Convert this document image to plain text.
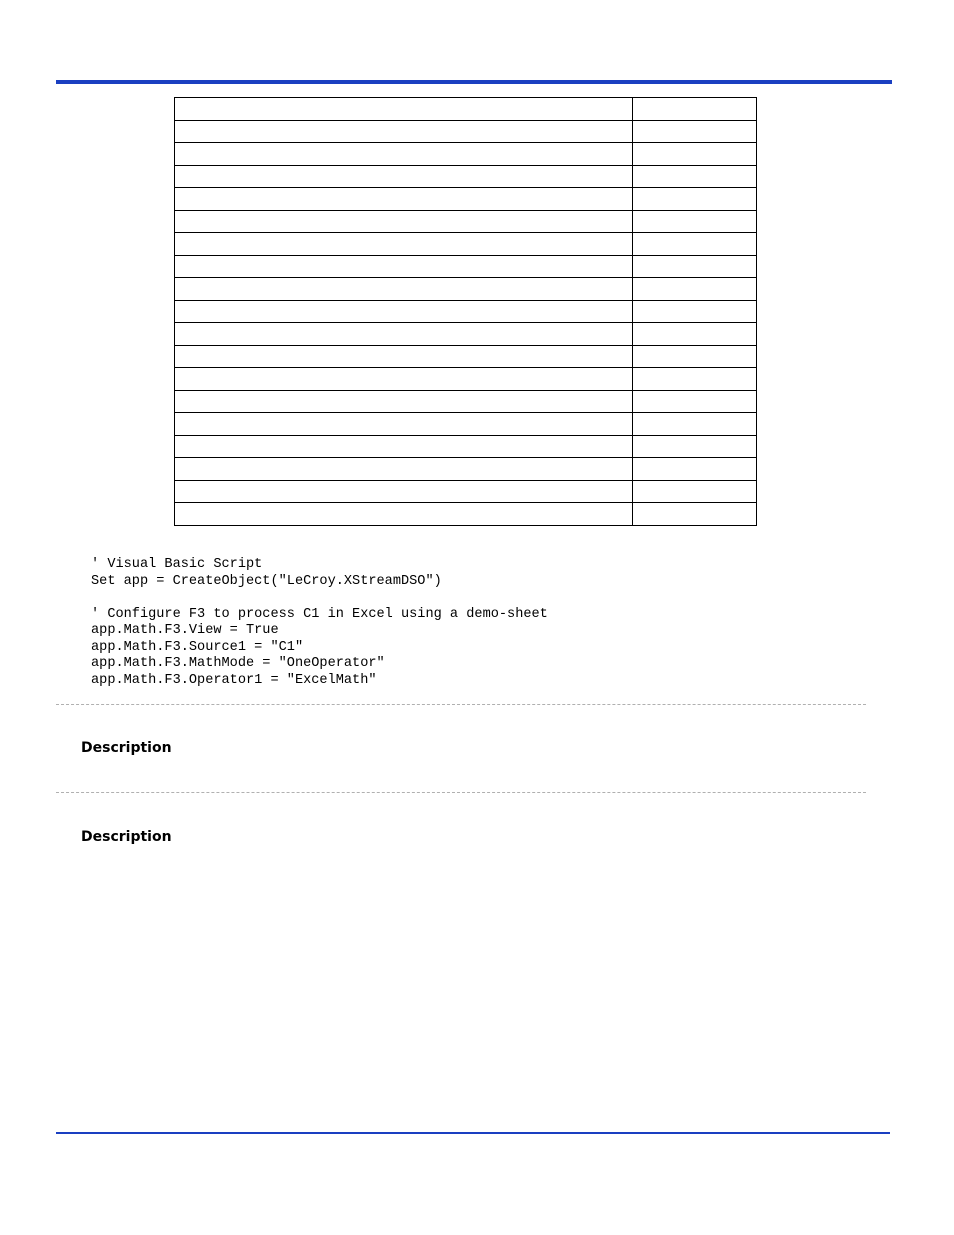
' Visual Basic Script
Set app = CreateObject("LeCroy.XStreamDSO")

' Configure F3 to process C1 in Excel using a demo-sheet
app.Math.F3.View = True
app.Math.F3.Source1 = "C1"
app.Math.F3.MathMode = "OneOperator"
app.Math.F3.Operator1 = "ExcelMath"
Description
Description
